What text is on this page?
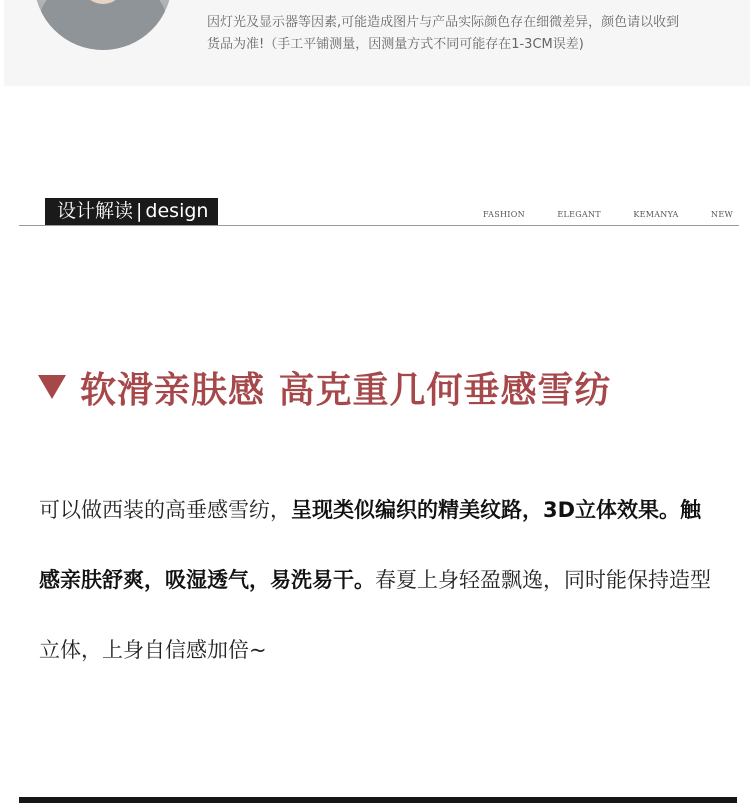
因灯光及显示器等因素,可能造成图片与产品实际颜色存在细微差异，颜色请以收到
货品为准!（手工平铺测量，因测量方式不同可能存在1-3CM误差)
设计解读 | design	FASHION	ELEGANT	KEMANYA	NEW
软滑亲肤感 高克重几何垂感雪纺
可以做西装的高垂感雪纺，呈现类似编织的精美纹路，3D立体效果。触感亲肤舒爽，吸湿透气，易洗易干。春夏上身轻盈飘逸，同时能保持造型立体，上身自信感加倍~
